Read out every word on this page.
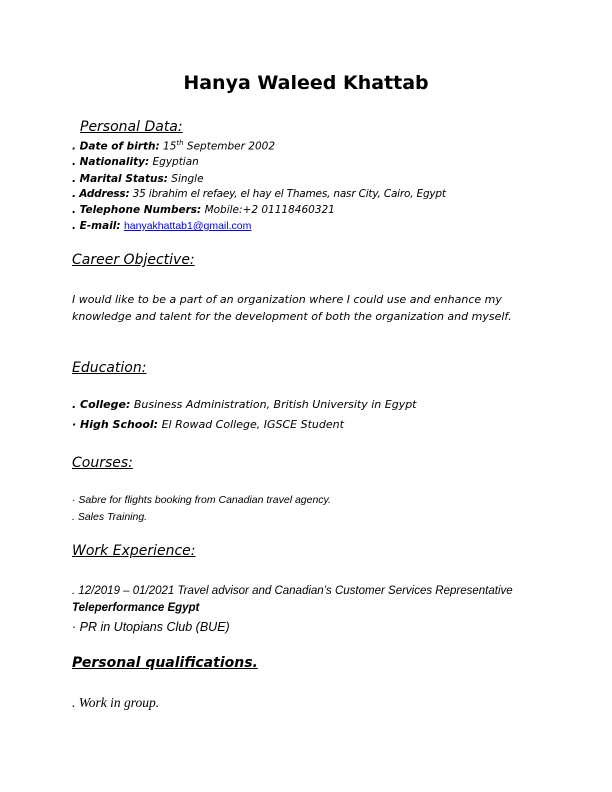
Hanya Waleed Khattab
Personal Data:
. Date of birth: 15th September 2002
. Nationality: Egyptian
. Marital Status: Single
. Address: 35 ibrahim el refaey, el hay el Thames, nasr City, Cairo, Egypt
. Telephone Numbers: Mobile:+2 01118460321
. E-mail: hanyakhattab1@gmail.com
Career Objective:
I would like to be a part of an organization where I could use and enhance my
knowledge and talent for the development of both the organization and myself.
Education:
. College: Business Administration, British University in Egypt
· High School: El Rowad College, IGSCE Student
Courses:
· Sabre for flights booking from Canadian travel agency.
. Sales Training.
Work Experience:
. 12/2019 – 01/2021 Travel advisor and Canadian’s Customer Services Representative
Teleperformance Egypt
· PR in Utopians Club (BUE)
Personal qualifications.
. Work in group.
